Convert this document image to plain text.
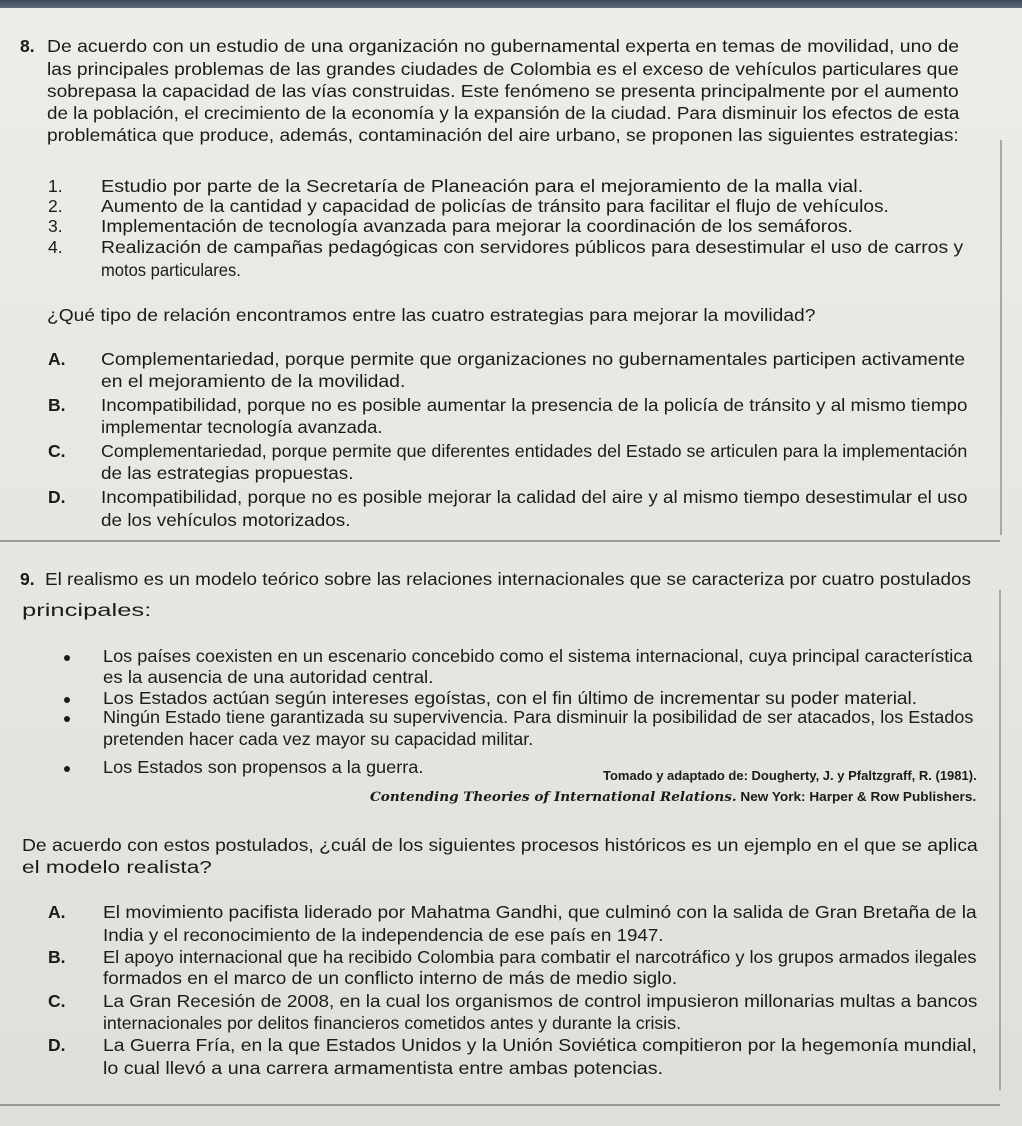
8. De acuerdo con un estudio de una organización no gubernamental experta en temas de movilidad, uno de
las principales problemas de las grandes ciudades de Colombia es el exceso de vehículos particulares que
sobrepasa la capacidad de las vías construidas. Este fenómeno se presenta principalmente por el aumento
de la población, el crecimiento de la economía y la expansión de la ciudad. Para disminuir los efectos de esta
problemática que produce, además, contaminación del aire urbano, se proponen las siguientes estrategias:
1. Estudio por parte de la Secretaría de Planeación para el mejoramiento de la malla vial.
2. Aumento de la cantidad y capacidad de policías de tránsito para facilitar el flujo de vehículos.
3. Implementación de tecnología avanzada para mejorar la coordinación de los semáforos.
4. Realización de campañas pedagógicas con servidores públicos para desestimular el uso de carros y
motos particulares.
¿Qué tipo de relación encontramos entre las cuatro estrategias para mejorar la movilidad?
A. Complementariedad, porque permite que organizaciones no gubernamentales participen activamente
en el mejoramiento de la movilidad.
B. Incompatibilidad, porque no es posible aumentar la presencia de la policía de tránsito y al mismo tiempo
implementar tecnología avanzada.
C. Complementariedad, porque permite que diferentes entidades del Estado se articulen para la implementación
de las estrategias propuestas.
D. Incompatibilidad, porque no es posible mejorar la calidad del aire y al mismo tiempo desestimular el uso
de los vehículos motorizados.
9. El realismo es un modelo teórico sobre las relaciones internacionales que se caracteriza por cuatro postulados
principales:
Los países coexisten en un escenario concebido como el sistema internacional, cuya principal característica
es la ausencia de una autoridad central.
Los Estados actúan según intereses egoístas, con el fin último de incrementar su poder material.
Ningún Estado tiene garantizada su supervivencia. Para disminuir la posibilidad de ser atacados, los Estados
pretenden hacer cada vez mayor su capacidad militar.
Los Estados son propensos a la guerra.	Tomado y adaptado de: Dougherty, J. y Pfaltzgraff, R. (1981).
Contending Theories of International Relations. New York: Harper & Row Publishers.
De acuerdo con estos postulados, ¿cuál de los siguientes procesos históricos es un ejemplo en el que se aplica
el modelo realista?
A. El movimiento pacifista liderado por Mahatma Gandhi, que culminó con la salida de Gran Bretaña de la
India y el reconocimiento de la independencia de ese país en 1947.
B. El apoyo internacional que ha recibido Colombia para combatir el narcotráfico y los grupos armados ilegales
formados en el marco de un conflicto interno de más de medio siglo.
C. La Gran Recesión de 2008, en la cual los organismos de control impusieron millonarias multas a bancos
internacionales por delitos financieros cometidos antes y durante la crisis.
D. La Guerra Fría, en la que Estados Unidos y la Unión Soviética compitieron por la hegemonía mundial,
lo cual llevó a una carrera armamentista entre ambas potencias.
